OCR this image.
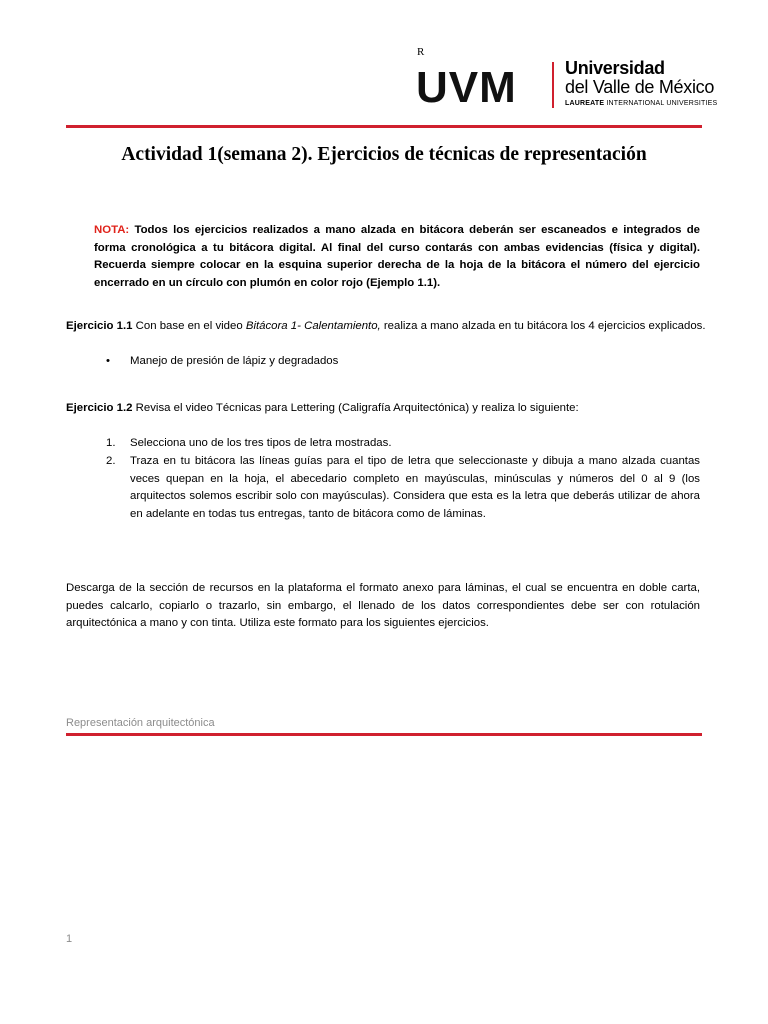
R
UVM	Universidad
del Valle de México
LAUREATE INTERNATIONAL UNIVERSITIES
Actividad 1(semana 2). Ejercicios de técnicas de representación
NOTA: Todos los ejercicios realizados a mano alzada en bitácora deberán ser escaneados e integrados de forma cronológica a tu bitácora digital. Al final del curso contarás con ambas evidencias (física y digital). Recuerda siempre colocar en la esquina superior derecha de la hoja de la bitácora el número del ejercicio encerrado en un círculo con plumón en color rojo (Ejemplo 1.1).
Ejercicio 1.1 Con base en el video Bitácora 1- Calentamiento, realiza a mano alzada en tu bitácora los 4 ejercicios explicados.
• Manejo de presión de lápiz y degradados
Ejercicio 1.2 Revisa el video Técnicas para Lettering (Caligrafía Arquitectónica) y realiza lo siguiente:
1. Selecciona uno de los tres tipos de letra mostradas.
2. Traza en tu bitácora las líneas guías para el tipo de letra que seleccionaste y dibuja a mano alzada cuantas veces quepan en la hoja, el abecedario completo en mayúsculas, minúsculas y números del 0 al 9 (los arquitectos solemos escribir solo con mayúsculas). Considera que esta es la letra que deberás utilizar de ahora en adelante en todas tus entregas, tanto de bitácora como de láminas.
Descarga de la sección de recursos en la plataforma el formato anexo para láminas, el cual se encuentra en doble carta, puedes calcarlo, copiarlo o trazarlo, sin embargo, el llenado de los datos correspondientes debe ser con rotulación arquitectónica a mano y con tinta. Utiliza este formato para los siguientes ejercicios.
Representación arquitectónica
1
